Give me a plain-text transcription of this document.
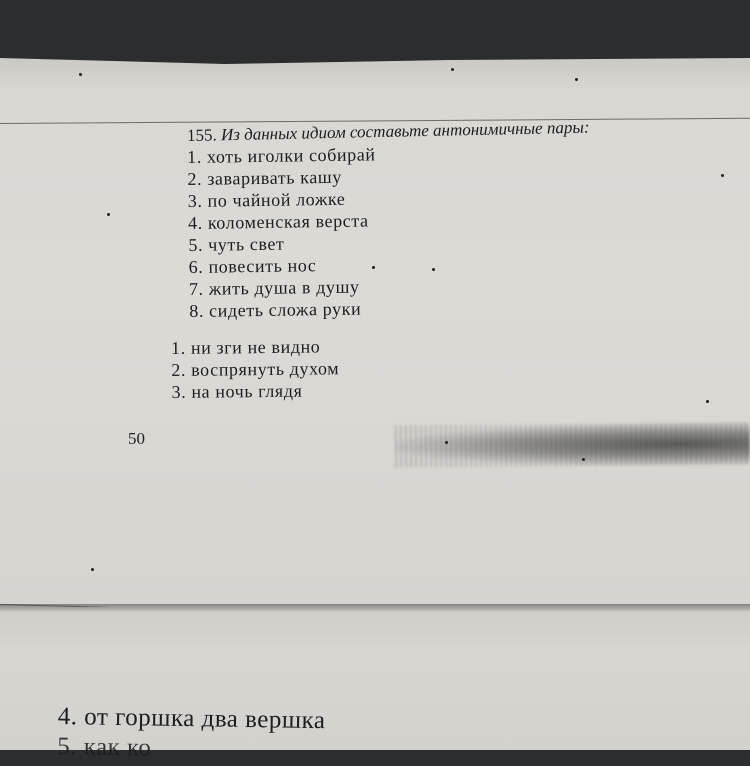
155. Из данных идиом составьте антонимичные пары:
1. хоть иголки собирай
2. заваривать кашу
3. по чайной ложке
4. коломенская верста
5. чуть свет
6. повесить нос
7. жить душа в душу
8. сидеть сложа руки
1. ни зги не видно
2. воспрянуть духом
3. на ночь глядя
50
4. от горшка два вершка
5. как ко
